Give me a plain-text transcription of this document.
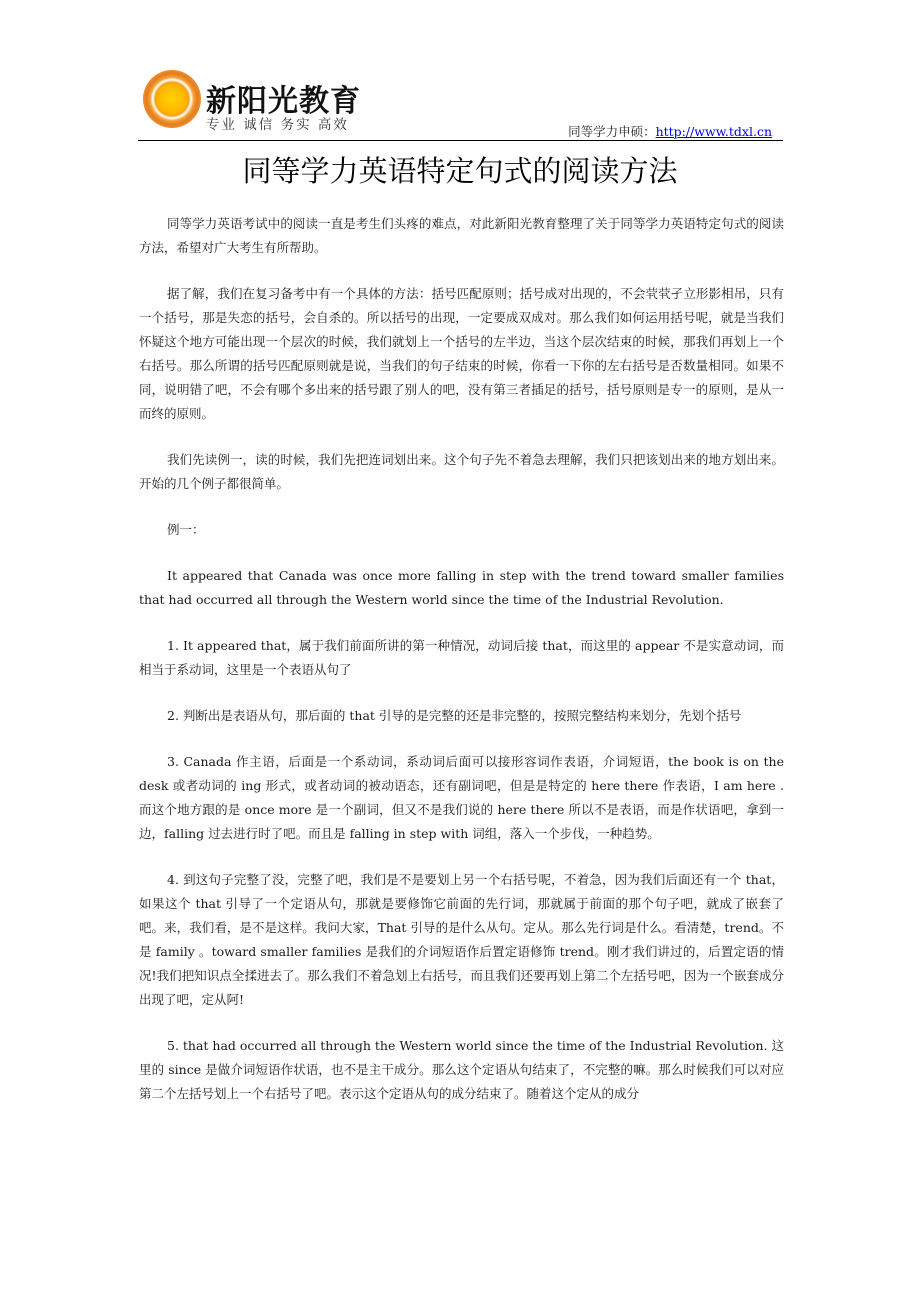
新阳光教育
专业 诚信 务实 高效	同等学力申硕：http://www.tdxl.cn
同等学力英语特定句式的阅读方法

同等学力英语考试中的阅读一直是考生们头疼的难点，对此新阳光教育整理了关于同等学力英语特定句式的阅读方法，希望对广大考生有所帮助。

据了解，我们在复习备考中有一个具体的方法：括号匹配原则；括号成对出现的，不会茕茕孑立形影相吊，只有一个括号，那是失恋的括号，会自杀的。所以括号的出现，一定要成双成对。那么我们如何运用括号呢，就是当我们怀疑这个地方可能出现一个层次的时候，我们就划上一个括号的左半边，当这个层次结束的时候，那我们再划上一个右括号。那么所谓的括号匹配原则就是说，当我们的句子结束的时候，你看一下你的左右括号是否数量相同。如果不同，说明错了吧，不会有哪个多出来的括号跟了别人的吧，没有第三者插足的括号，括号原则是专一的原则，是从一而终的原则。

我们先读例一，读的时候，我们先把连词划出来。这个句子先不着急去理解，我们只把该划出来的地方划出来。开始的几个例子都很简单。

例一：

It appeared that Canada was once more falling in step with the trend toward smaller families that had occurred all through the Western world since the time of the Industrial Revolution.

1. It appeared that，属于我们前面所讲的第一种情况，动词后接 that，而这里的 appear 不是实意动词，而相当于系动词，这里是一个表语从句了

2. 判断出是表语从句，那后面的 that 引导的是完整的还是非完整的，按照完整结构来划分，先划个括号

3. Canada 作主语，后面是一个系动词，系动词后面可以接形容词作表语，介词短语，the book is on the desk 或者动词的 ing 形式，或者动词的被动语态，还有副词吧，但是是特定的 here there 作表语，I am here . 而这个地方跟的是 once more 是一个副词，但又不是我们说的 here there 所以不是表语，而是作状语吧，拿到一边，falling 过去进行时了吧。而且是 falling in step with 词组，落入一个步伐，一种趋势。

4. 到这句子完整了没，完整了吧，我们是不是要划上另一个右括号呢，不着急，因为我们后面还有一个 that，如果这个 that 引导了一个定语从句，那就是要修饰它前面的先行词，那就属于前面的那个句子吧，就成了嵌套了吧。来，我们看，是不是这样。我问大家，That 引导的是什么从句。定从。那么先行词是什么。看清楚，trend。不是 family 。toward smaller families 是我们的介词短语作后置定语修饰 trend。刚才我们讲过的，后置定语的情况!我们把知识点全揉进去了。那么我们不着急划上右括号，而且我们还要再划上第二个左括号吧，因为一个嵌套成分出现了吧，定从阿!

5. that had occurred all through the Western world since the time of the Industrial Revolution. 这里的 since 是做介词短语作状语，也不是主干成分。那么这个定语从句结束了，不完整的嘛。那么时候我们可以对应第二个左括号划上一个右括号了吧。表示这个定语从句的成分结束了。随着这个定从的成分
